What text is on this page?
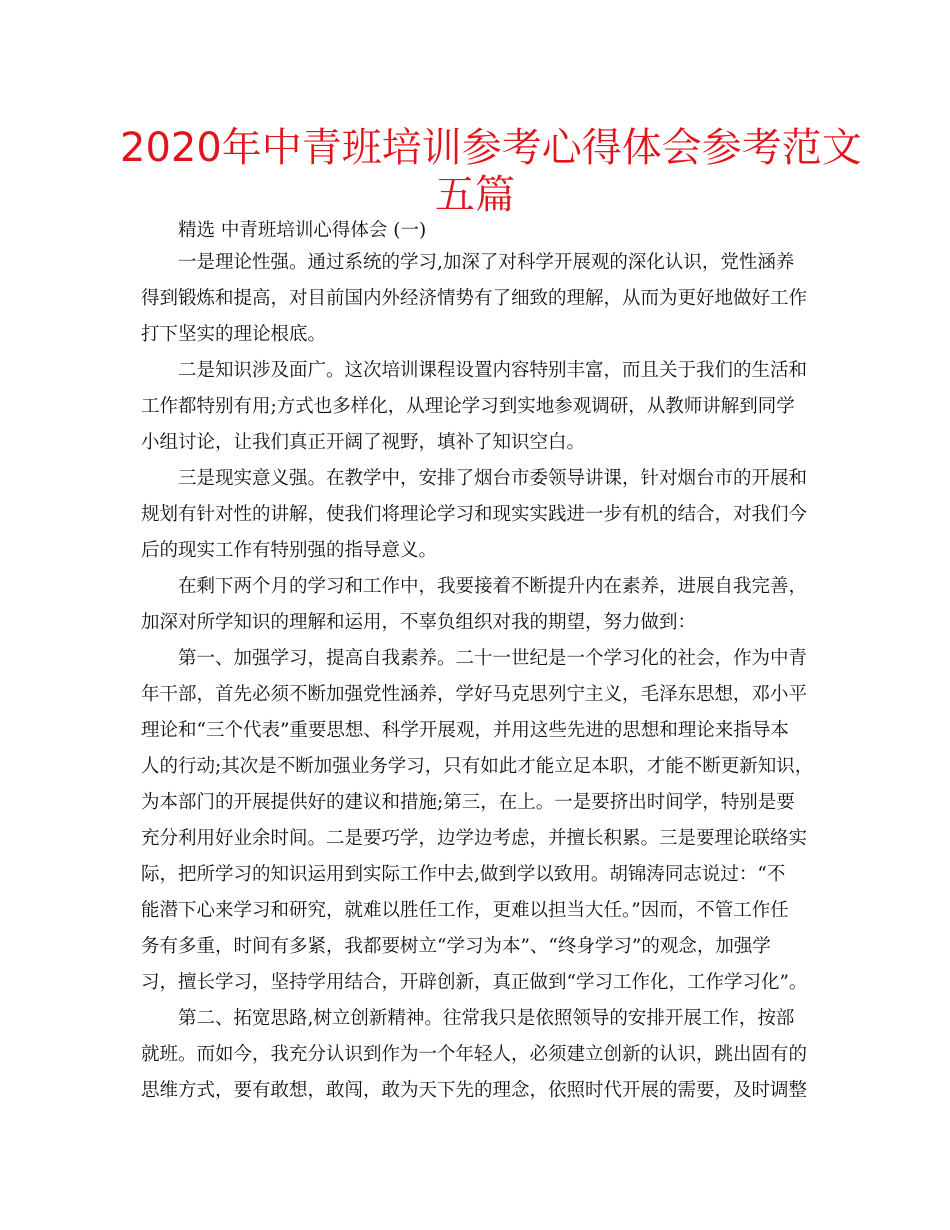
2020年中青班培训参考心得体会参考范文
五篇

精选 中青班培训心得体会 (一)

一是理论性强。通过系统的学习,加深了对科学开展观的深化认识，党性涵养

得到锻炼和提高，对目前国内外经济情势有了细致的理解，从而为更好地做好工作

打下坚实的理论根底。

二是知识涉及面广。这次培训课程设置内容特别丰富，而且关于我们的生活和

工作都特别有用;方式也多样化，从理论学习到实地参观调研，从教师讲解到同学

小组讨论，让我们真正开阔了视野，填补了知识空白。

三是现实意义强。在教学中，安排了烟台市委领导讲课，针对烟台市的开展和

规划有针对性的讲解，使我们将理论学习和现实实践进一步有机的结合，对我们今

后的现实工作有特别强的指导意义。

在剩下两个月的学习和工作中，我要接着不断提升内在素养，进展自我完善，

加深对所学知识的理解和运用，不辜负组织对我的期望，努力做到：

第一、加强学习，提高自我素养。二十一世纪是一个学习化的社会，作为中青

年干部，首先必须不断加强党性涵养，学好马克思列宁主义，毛泽东思想，邓小平

理论和“三个代表”重要思想、科学开展观，并用这些先进的思想和理论来指导本

人的行动;其次是不断加强业务学习，只有如此才能立足本职，才能不断更新知识，

为本部门的开展提供好的建议和措施;第三，在上。一是要挤出时间学，特别是要

充分利用好业余时间。二是要巧学，边学边考虑，并擅长积累。三是要理论联络实

际，把所学习的知识运用到实际工作中去,做到学以致用。胡锦涛同志说过：“不

能潜下心来学习和研究，就难以胜任工作，更难以担当大任。”因而，不管工作任

务有多重，时间有多紧，我都要树立“学习为本”、“终身学习”的观念，加强学

习，擅长学习，坚持学用结合，开辟创新，真正做到“学习工作化，工作学习化”。

第二、拓宽思路,树立创新精神。往常我只是依照领导的安排开展工作，按部

就班。而如今，我充分认识到作为一个年轻人，必须建立创新的认识，跳出固有的

思维方式，要有敢想，敢闯，敢为天下先的理念，依照时代开展的需要，及时调整
